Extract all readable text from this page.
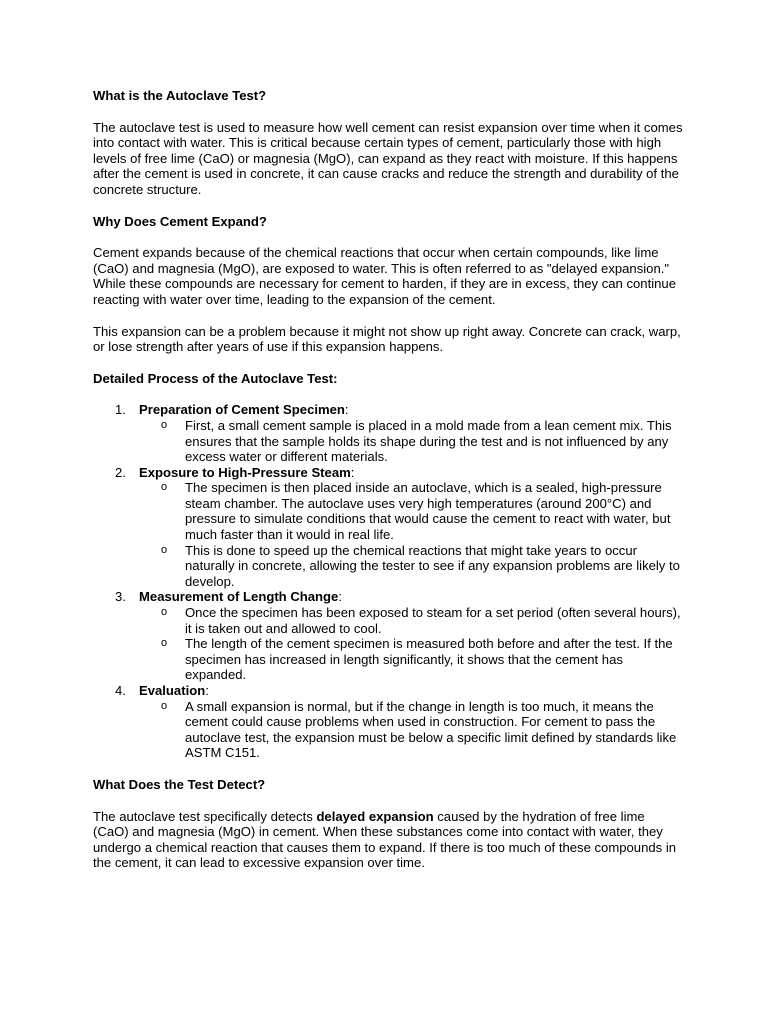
What is the Autoclave Test?

The autoclave test is used to measure how well cement can resist expansion over time when it comes into contact with water. This is critical because certain types of cement, particularly those with high levels of free lime (CaO) or magnesia (MgO), can expand as they react with moisture. If this happens after the cement is used in concrete, it can cause cracks and reduce the strength and durability of the concrete structure.

Why Does Cement Expand?

Cement expands because of the chemical reactions that occur when certain compounds, like lime (CaO) and magnesia (MgO), are exposed to water. This is often referred to as "delayed expansion." While these compounds are necessary for cement to harden, if they are in excess, they can continue reacting with water over time, leading to the expansion of the cement.

This expansion can be a problem because it might not show up right away. Concrete can crack, warp, or lose strength after years of use if this expansion happens.

Detailed Process of the Autoclave Test:

1. Preparation of Cement Specimen:
o First, a small cement sample is placed in a mold made from a lean cement mix. This ensures that the sample holds its shape during the test and is not influenced by any excess water or different materials.
2. Exposure to High-Pressure Steam:
o The specimen is then placed inside an autoclave, which is a sealed, high-pressure steam chamber. The autoclave uses very high temperatures (around 200°C) and pressure to simulate conditions that would cause the cement to react with water, but much faster than it would in real life.
o This is done to speed up the chemical reactions that might take years to occur naturally in concrete, allowing the tester to see if any expansion problems are likely to develop.
3. Measurement of Length Change:
o Once the specimen has been exposed to steam for a set period (often several hours), it is taken out and allowed to cool.
o The length of the cement specimen is measured both before and after the test. If the specimen has increased in length significantly, it shows that the cement has expanded.
4. Evaluation:
o A small expansion is normal, but if the change in length is too much, it means the cement could cause problems when used in construction. For cement to pass the autoclave test, the expansion must be below a specific limit defined by standards like ASTM C151.

What Does the Test Detect?

The autoclave test specifically detects delayed expansion caused by the hydration of free lime (CaO) and magnesia (MgO) in cement. When these substances come into contact with water, they undergo a chemical reaction that causes them to expand. If there is too much of these compounds in the cement, it can lead to excessive expansion over time.
